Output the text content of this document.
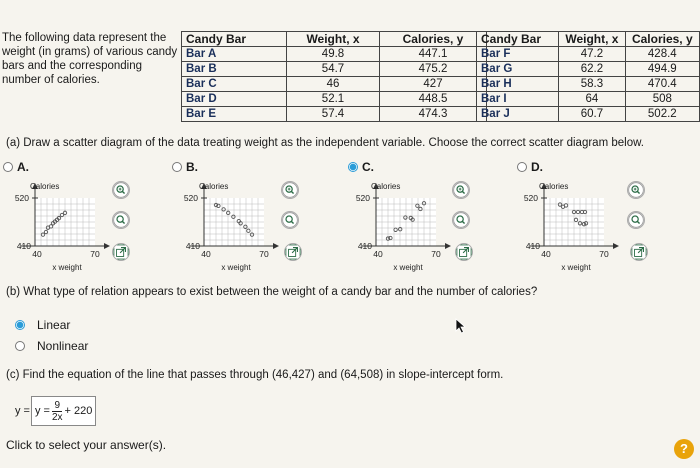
The following data represent the weight (in grams) of various candy bars and the corresponding number of calories.
Candy Bar	Weight, x	Calories, y
Bar A	49.8	447.1
Bar B	54.7	475.2
Bar C	46	427
Bar D	52.1	448.5
Bar E	57.4	474.3
Candy Bar	Weight, x	Calories, y
Bar F	47.2	428.4
Bar G	62.2	494.9
Bar H	58.3	470.4
Bar I	64	508
Bar J	60.7	502.2
(a) Draw a scatter diagram of the data treating weight as the independent variable. Choose the correct scatter diagram below.
A.	B.	C.	D.
Calories
520
410
40	70
x weight
Calories
520
410
40	70
x weight
Calories
520
410
40	70
x weight
Calories
520
410
40	70
x weight
(b) What type of relation appears to exist between the weight of a candy bar and the number of calories?
Linear
Nonlinear
(c) Find the equation of the line that passes through (46,427) and (64,508) in slope-intercept form.
$y = y = \frac{9}{2x} + 220$
Click to select your answer(s).	?
